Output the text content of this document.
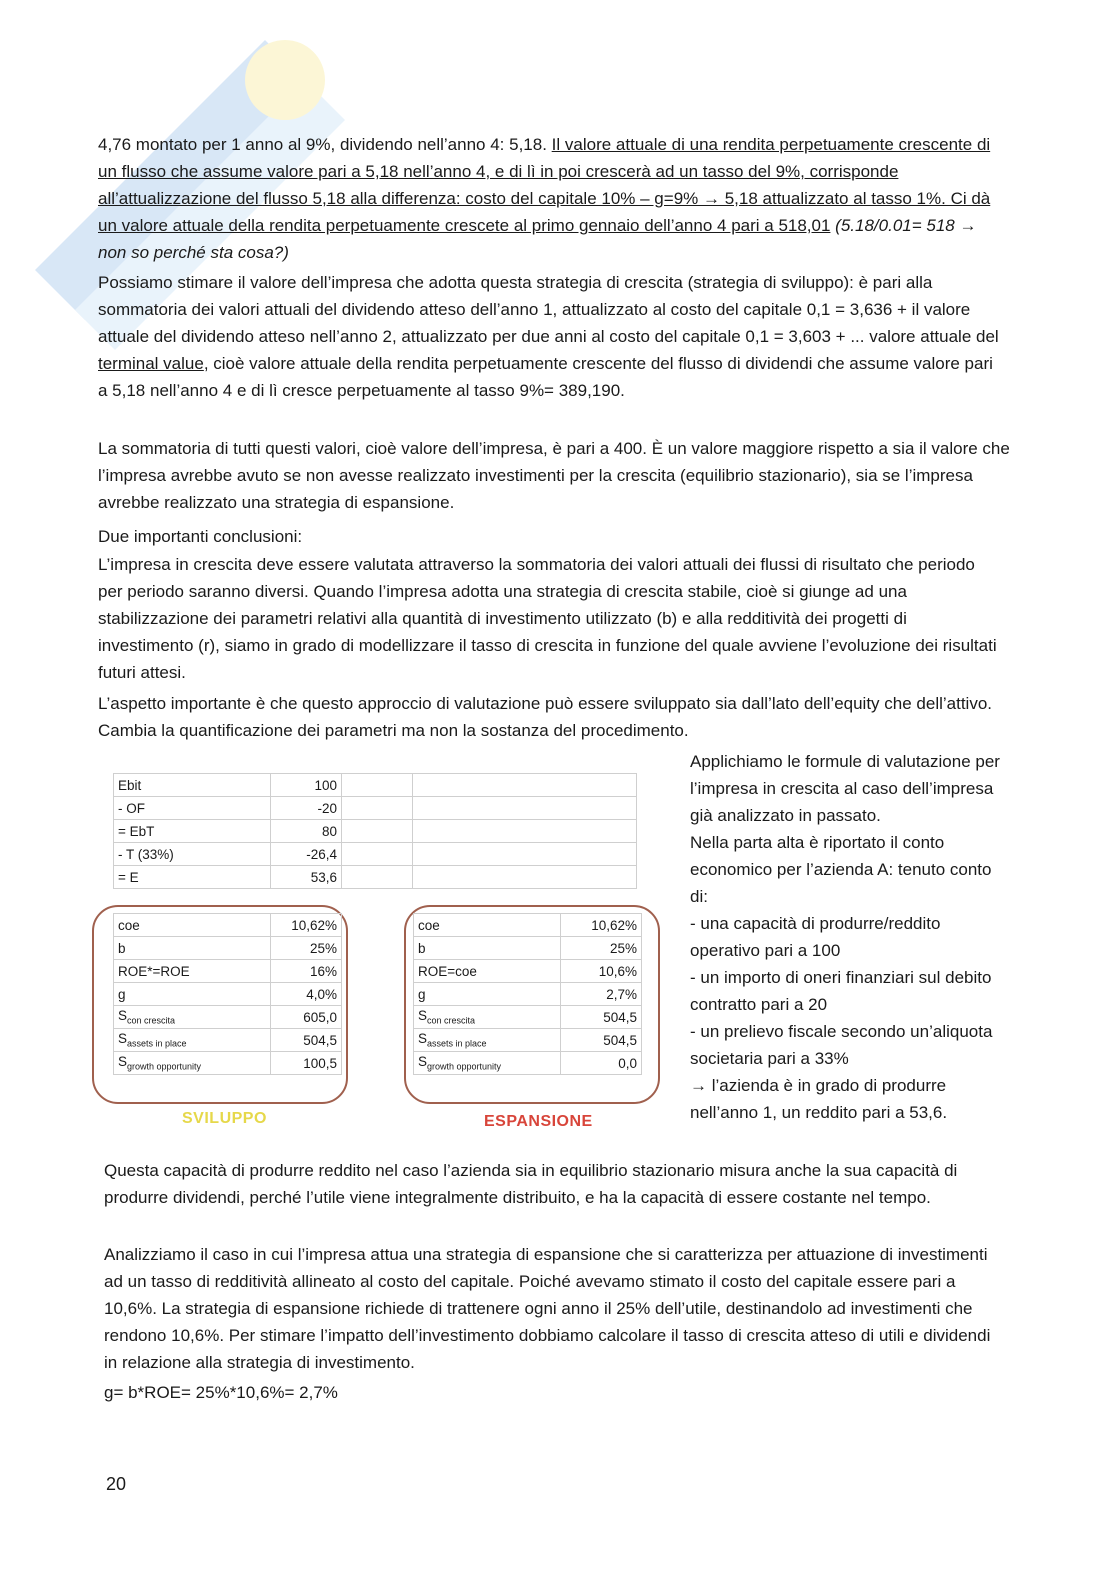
4,76 montato per 1 anno al 9%, dividendo nell’anno 4: 5,18. Il valore attuale di una rendita perpetuamente crescente di un flusso che assume valore pari a 5,18 nell’anno 4, e di lì in poi crescerà ad un tasso del 9%, corrisponde all’attualizzazione del flusso 5,18 alla differenza: costo del capitale 10% – g=9% → 5,18 attualizzato al tasso 1%. Ci dà un valore attuale della rendita perpetuamente crescete al primo gennaio dell’anno 4 pari a 518,01 (5.18/0.01= 518 → non so perché sta cosa?)

Possiamo stimare il valore dell’impresa che adotta questa strategia di crescita (strategia di sviluppo): è pari alla sommatoria dei valori attuali del dividendo atteso dell’anno 1, attualizzato al costo del capitale 0,1 = 3,636 + il valore attuale del dividendo atteso nell’anno 2, attualizzato per due anni al costo del capitale 0,1 = 3,603 + ... valore attuale del terminal value, cioè valore attuale della rendita perpetuamente crescente del flusso di dividendi che assume valore pari a 5,18 nell’anno 4 e di lì cresce perpetuamente al tasso 9%= 389,190.

La sommatoria di tutti questi valori, cioè valore dell’impresa, è pari a 400. È un valore maggiore rispetto a sia il valore che l’impresa avrebbe avuto se non avesse realizzato investimenti per la crescita (equilibrio stazionario), sia se l’impresa avrebbe realizzato una strategia di espansione.

Due importanti conclusioni:

L’impresa in crescita deve essere valutata attraverso la sommatoria dei valori attuali dei flussi di risultato che periodo per periodo saranno diversi. Quando l’impresa adotta una strategia di crescita stabile, cioè si giunge ad una stabilizzazione dei parametri relativi alla quantità di investimento utilizzato (b) e alla redditività dei progetti di investimento (r), siamo in grado di modellizzare il tasso di crescita in funzione del quale avviene l’evoluzione dei risultati futuri attesi.

L’aspetto importante è che questo approccio di valutazione può essere sviluppato sia dall’lato dell’equity che dell’attivo. Cambia la quantificazione dei parametri ma non la sostanza del procedimento.

Applichiamo le formule di valutazione per l’impresa in crescita al caso dell’impresa già analizzato in passato.
Nella parta alta è riportato il conto economico per l’azienda A: tenuto conto di:
- una capacità di produrre/reddito operativo pari a 100
- un importo di oneri finanziari sul debito contratto pari a 20
- un prelievo fiscale secondo un’aliquota societaria pari a 33%
→ l’azienda è in grado di produrre nell’anno 1, un reddito pari a 53,6.
Ebit	100		
- OF	-20		
= EbT	80		
- T (33%)	-26,4		
= E	53,6		
coe	10,62%
b	25%
ROE*=ROE	16%
g	4,0%
$S_{con crescita}$	605,0
$S_{assets in place}$	504,5
$S_{growth opportunity}$	100,5
coe	10,62%
b	25%
ROE=coe	10,6%
g	2,7%
$S_{con crescita}$	504,5
$S_{assets in place}$	504,5
$S_{growth opportunity}$	0,0
SVILUPPO	ESPANSIONE

Questa capacità di produrre reddito nel caso l’azienda sia in equilibrio stazionario misura anche la sua capacità di produrre dividendi, perché l’utile viene integralmente distribuito, e ha la capacità di essere costante nel tempo.

Analizziamo il caso in cui l’impresa attua una strategia di espansione che si caratterizza per attuazione di investimenti ad un tasso di redditività allineato al costo del capitale. Poiché avevamo stimato il costo del capitale essere pari a 10,6%. La strategia di espansione richiede di trattenere ogni anno il 25% dell’utile, destinandolo ad investimenti che rendono 10,6%. Per stimare l’impatto dell’investimento dobbiamo calcolare il tasso di crescita atteso di utili e dividendi in relazione alla strategia di investimento.

g= b*ROE= 25%*10,6%= 2,7%

20
